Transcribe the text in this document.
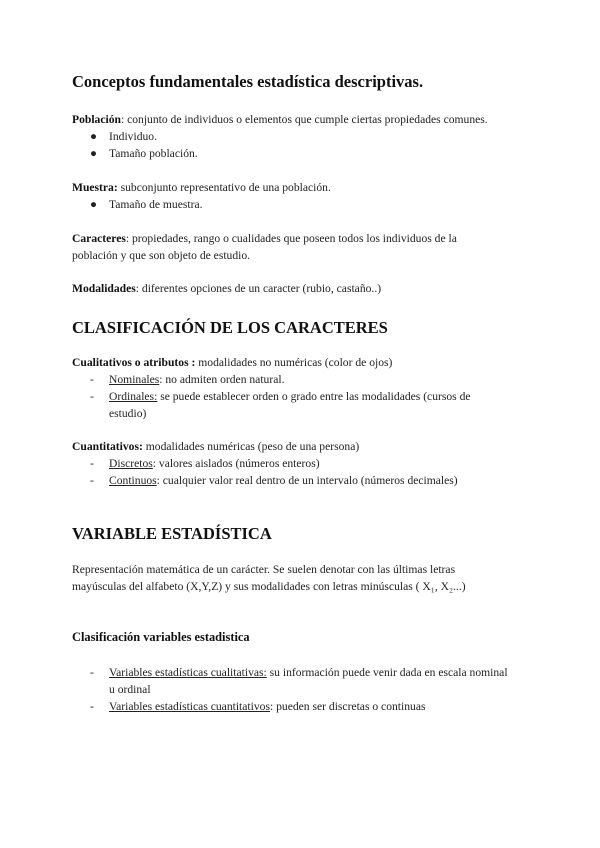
Conceptos fundamentales estadística descriptivas.
Población: conjunto de individuos o elementos que cumple ciertas propiedades comunes.
● Individuo.
● Tamaño población.
Muestra: subconjunto representativo de una población.
● Tamaño de muestra.
Caracteres: propiedades, rango o cualidades que poseen todos los individuos de la población y que son objeto de estudio.
Modalidades: diferentes opciones de un caracter (rubio, castaño..)
CLASIFICACIÓN DE LOS CARACTERES
Cualitativos o atributos : modalidades no numéricas (color de ojos)
- Nominales: no admiten orden natural.
- Ordinales: se puede establecer orden o grado entre las modalidades (cursos de estudio)
Cuantitativos: modalidades numéricas (peso de una persona)
- Discretos: valores aislados (números enteros)
- Continuos: cualquier valor real dentro de un intervalo (números decimales)
VARIABLE ESTADÍSTICA
Representación matemática de un carácter. Se suelen denotar con las últimas letras mayúsculas del alfabeto (X,Y,Z) y sus modalidades con letras minúsculas ( X₁, X₂...)
Clasificación variables estadistica
- Variables estadísticas cualitativas: su información puede venir dada en escala nominal u ordinal
- Variables estadísticas cuantitativos: pueden ser discretas o continuas
